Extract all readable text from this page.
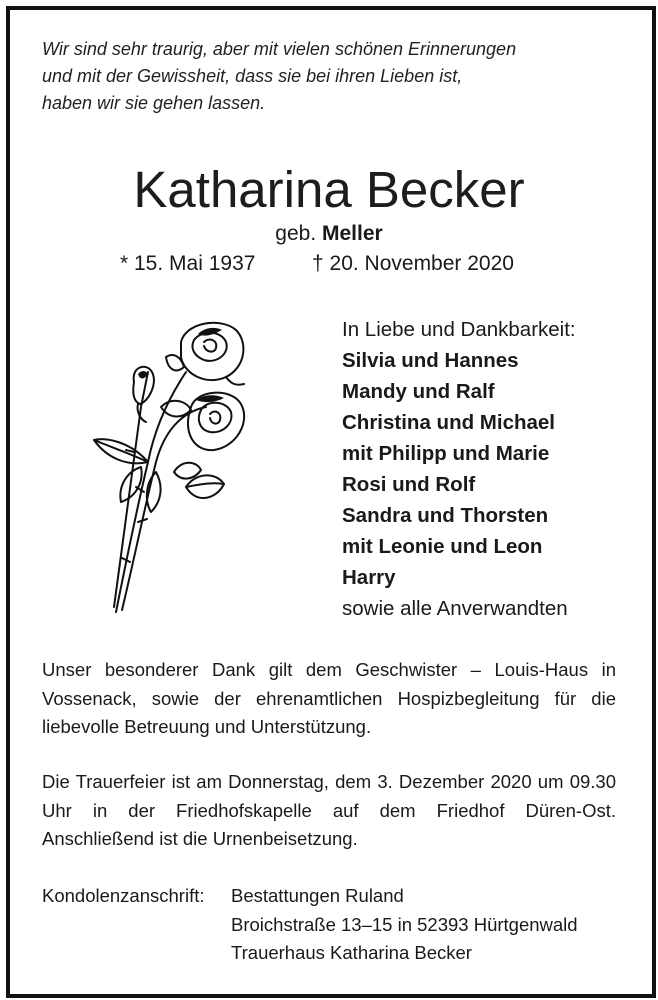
Wir sind sehr traurig, aber mit vielen schönen Erinnerungen
und mit der Gewissheit, dass sie bei ihren Lieben ist,
haben wir sie gehen lassen.
Katharina Becker
geb. Meller
* 15. Mai 1937	† 20. November 2020
In Liebe und Dankbarkeit:
Silvia und Hannes
Mandy und Ralf
Christina und Michael
mit Philipp und Marie
Rosi und Rolf
Sandra und Thorsten
mit Leonie und Leon
Harry
sowie alle Anverwandten
Unser besonderer Dank gilt dem Geschwister – Louis-Haus in Vossenack, sowie der ehrenamtlichen Hospizbegleitung für die liebevolle Betreuung und Unterstützung.
Die Trauerfeier ist am Donnerstag, dem 3. Dezember 2020 um 09.30 Uhr in der Friedhofskapelle auf dem Friedhof Düren-Ost. Anschließend ist die Urnenbeisetzung.
Kondolenzanschrift: Bestattungen Ruland
Broichstraße 13–15 in 52393 Hürtgenwald
Trauerhaus Katharina Becker
